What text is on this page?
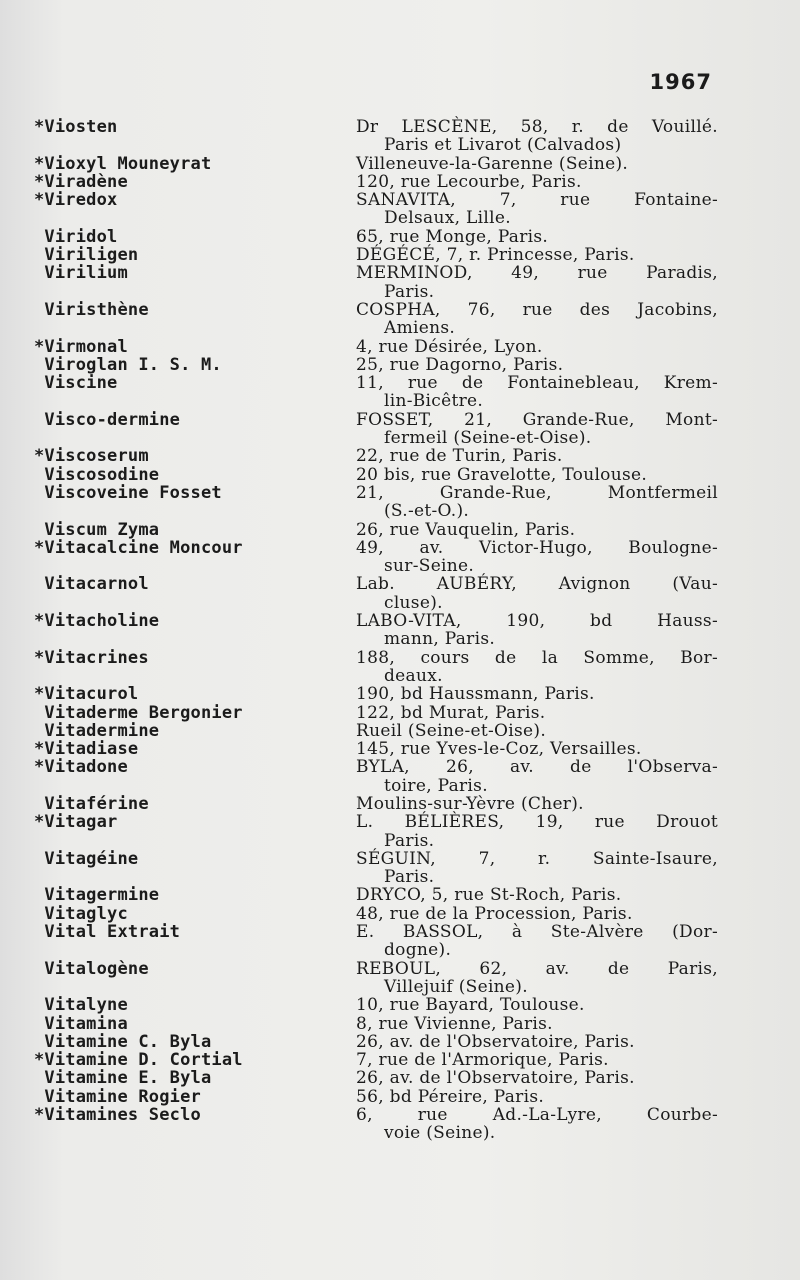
1967
*Viosten	Dr LESCÈNE, 58, r. de Vouillé.
Paris et Livarot (Calvados)
*Vioxyl Mouneyrat	Villeneuve-la-Garenne (Seine).
*Viradène	120, rue Lecourbe, Paris.
*Viredox	SANAVITA, 7, rue Fontaine-
Delsaux, Lille.
Viridol	65, rue Monge, Paris.
Viriligen	DÉGÉCÉ, 7, r. Princesse, Paris.
Virilium	MERMINOD, 49, rue Paradis,
Paris.
Viristhène	COSPHA, 76, rue des Jacobins,
Amiens.
*Virmonal	4, rue Désirée, Lyon.
Viroglan I. S. M.	25, rue Dagorno, Paris.
Viscine	11, rue de Fontainebleau, Krem-
lin-Bicêtre.
Visco-dermine	FOSSET, 21, Grande-Rue, Mont-
fermeil (Seine-et-Oise).
*Viscoserum	22, rue de Turin, Paris.
Viscosodine	20 bis, rue Gravelotte, Toulouse.
Viscoveine Fosset	21, Grande-Rue, Montfermeil
(S.-et-O.).
Viscum Zyma	26, rue Vauquelin, Paris.
*Vitacalcine Moncour	49, av. Victor-Hugo, Boulogne-
sur-Seine.
Vitacarnol	Lab. AUBÉRY, Avignon (Vau-
cluse).
*Vitacholine	LABO-VITA, 190, bd Hauss-
mann, Paris.
*Vitacrines	188, cours de la Somme, Bor-
deaux.
*Vitacurol	190, bd Haussmann, Paris.
Vitaderme Bergonier	122, bd Murat, Paris.
Vitadermine	Rueil (Seine-et-Oise).
*Vitadiase	145, rue Yves-le-Coz, Versailles.
*Vitadone	BYLA, 26, av. de l'Observa-
toire, Paris.
Vitaférine	Moulins-sur-Yèvre (Cher).
*Vitagar	L. BÉLIÈRES, 19, rue Drouot
Paris.
Vitagéine	SÉGUIN, 7, r. Sainte-Isaure,
Paris.
Vitagermine	DRYCO, 5, rue St-Roch, Paris.
Vitaglyc	48, rue de la Procession, Paris.
Vital Extrait	E. BASSOL, à Ste-Alvère (Dor-
dogne).
Vitalogène	REBOUL, 62, av. de Paris,
Villejuif (Seine).
Vitalyne	10, rue Bayard, Toulouse.
Vitamina	8, rue Vivienne, Paris.
Vitamine C. Byla	26, av. de l'Observatoire, Paris.
*Vitamine D. Cortial	7, rue de l'Armorique, Paris.
Vitamine E. Byla	26, av. de l'Observatoire, Paris.
Vitamine Rogier	56, bd Péreire, Paris.
*Vitamines Seclo	6, rue Ad.-La-Lyre, Courbe-
voie (Seine).
